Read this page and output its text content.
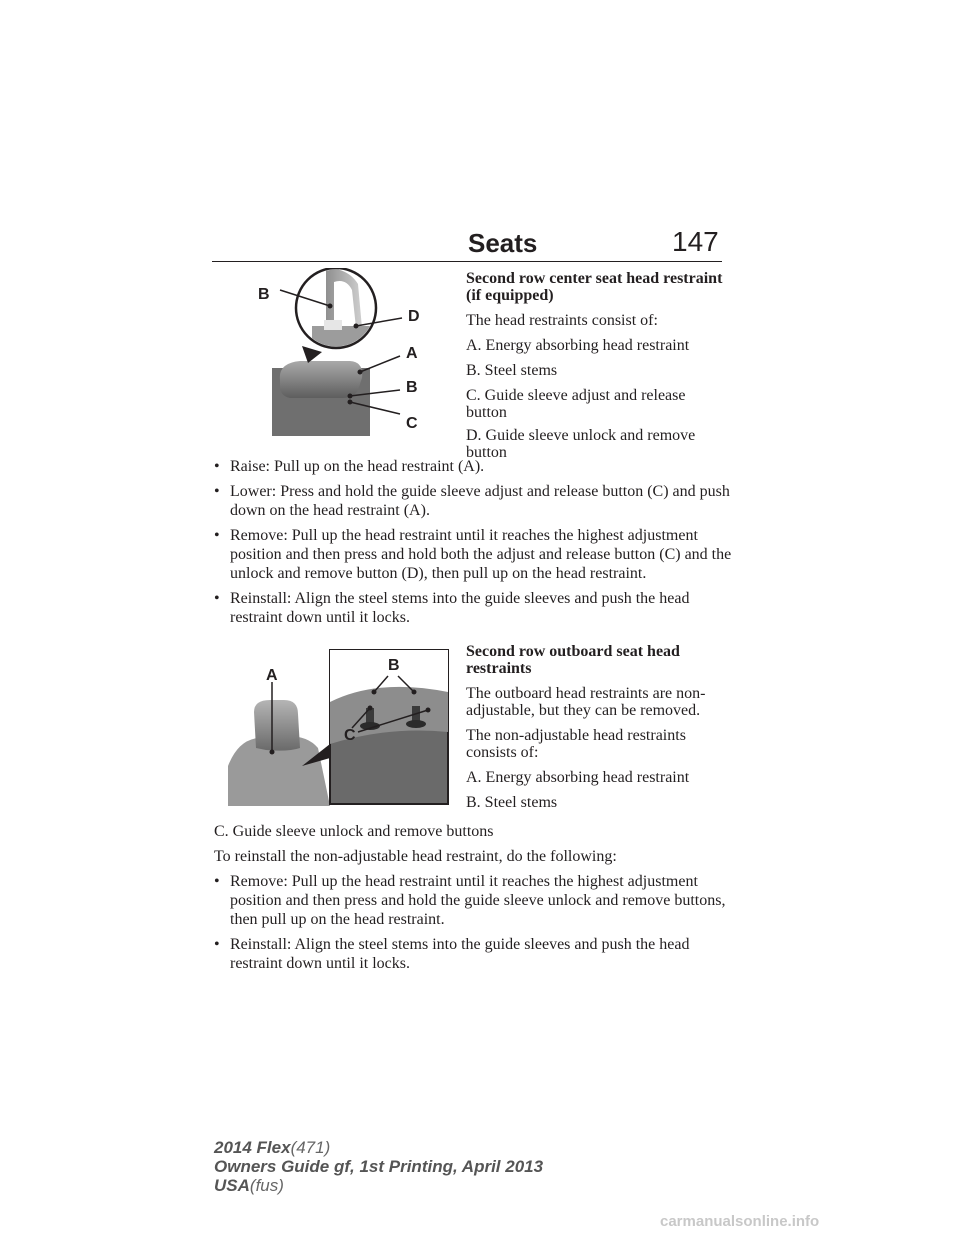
Seats	147
B
D
A
B
C

Second row center seat head restraint (if equipped)

The head restraints consist of:

A. Energy absorbing head restraint

B. Steel stems

C. Guide sleeve adjust and release button

D. Guide sleeve unlock and remove button

• Raise: Pull up on the head restraint (A).

• Lower: Press and hold the guide sleeve adjust and release button (C) and push down on the head restraint (A).

• Remove: Pull up the head restraint until it reaches the highest adjustment position and then press and hold both the adjust and release button (C) and the unlock and remove button (D), then pull up on the head restraint.

• Reinstall: Align the steel stems into the guide sleeves and push the head restraint down until it locks.

A
B
C

Second row outboard seat head restraints

The outboard head restraints are non-adjustable, but they can be removed.

The non-adjustable head restraints consists of:

A. Energy absorbing head restraint

B. Steel stems

C. Guide sleeve unlock and remove buttons

To reinstall the non-adjustable head restraint, do the following:

• Remove: Pull up the head restraint until it reaches the highest adjustment position and then press and hold the guide sleeve unlock and remove buttons, then pull up on the head restraint.

• Reinstall: Align the steel stems into the guide sleeves and push the head restraint down until it locks.

2014 Flex(471)
Owners Guide gf, 1st Printing, April 2013
USA(fus)
carmanualsonline.info
